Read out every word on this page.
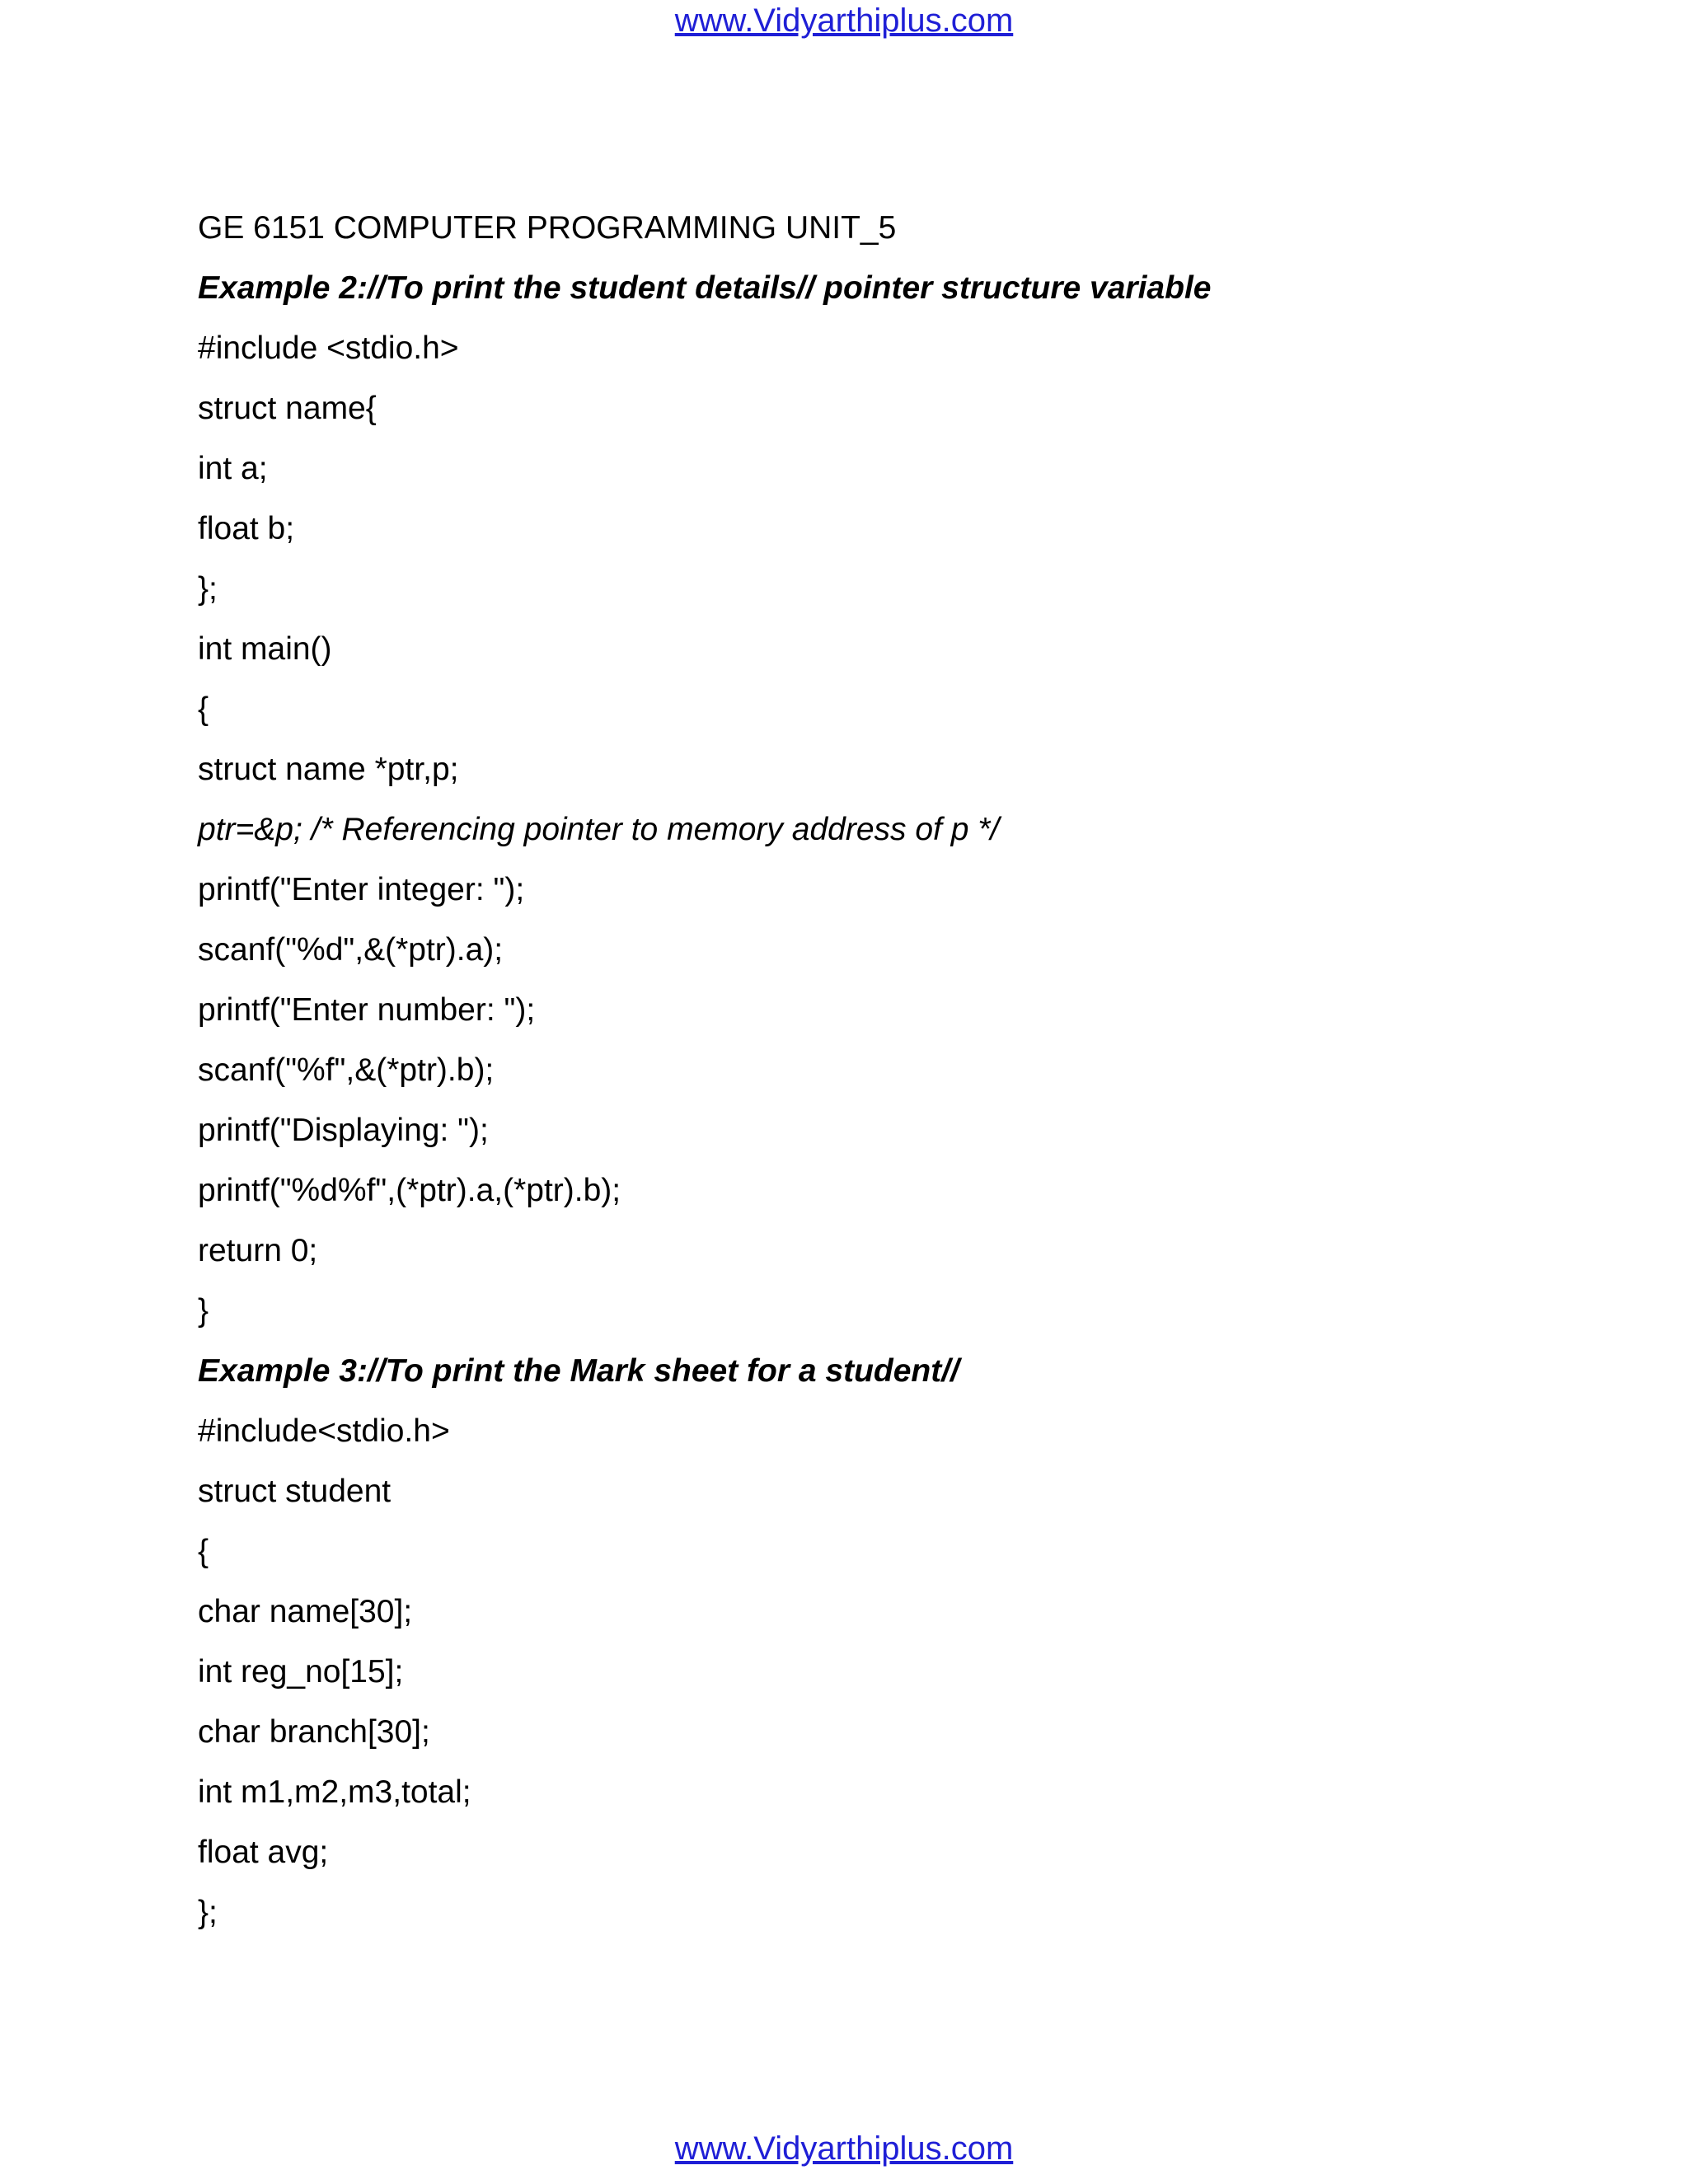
www.Vidyarthiplus.com
GE 6151 COMPUTER PROGRAMMING UNIT_5
Example 2://To print the student details// pointer structure variable
#include <stdio.h>
struct name{
int a;
float b;
};
int main()
{
struct name *ptr,p;
ptr=&p; /* Referencing pointer to memory address of p */
printf("Enter integer: ");
scanf("%d",&(*ptr).a);
printf("Enter number: ");
scanf("%f",&(*ptr).b);
printf("Displaying: ");
printf("%d%f",(*ptr).a,(*ptr).b);
return 0;
}
Example 3://To print the Mark sheet for a student//
#include<stdio.h>
struct student
{
char name[30];
int reg_no[15];
char branch[30];
int m1,m2,m3,total;
float avg;
};
www.Vidyarthiplus.com
